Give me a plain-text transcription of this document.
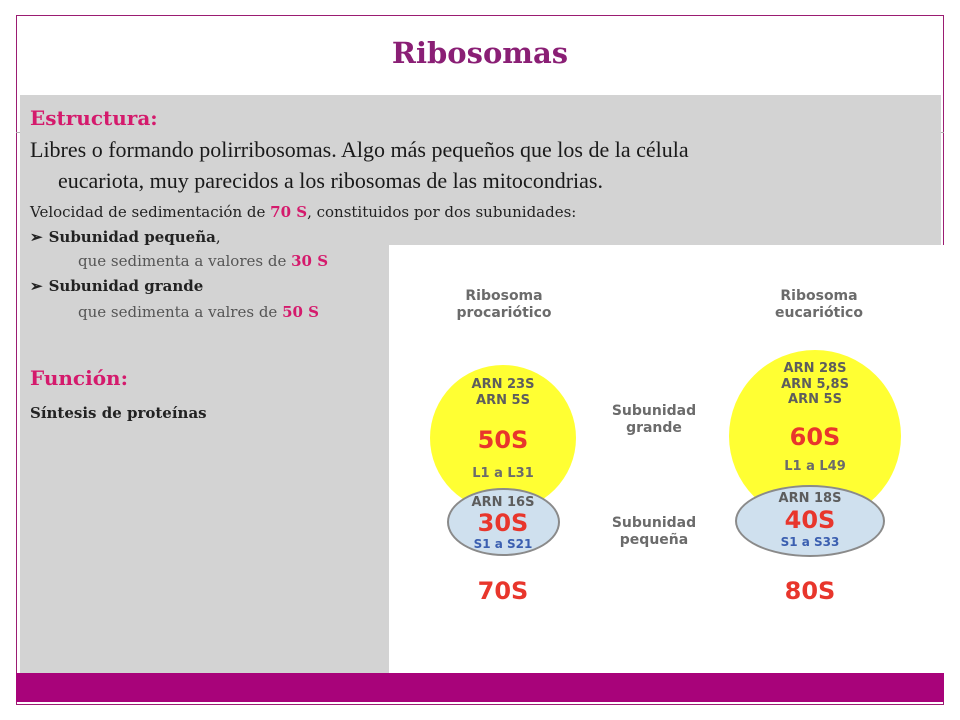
Ribosomas
Estructura:
Libres o formando polirribosomas. Algo más pequeños que los de la célula
eucariota, muy parecidos a los ribosomas de las mitocondrias.
Velocidad de sedimentación de 70 S, constituidos por dos subunidades:
➢ Subunidad pequeña,
que sedimenta a valores de 30 S
➢ Subunidad grande
que sedimenta a valres de 50 S
Función:
Síntesis de proteínas
Ribosoma
procariótico
Ribosoma
eucariótico
ARN 23S
ARN 5S
50S
L1 a L31
ARN 16S
30S
S1 a S21
ARN 28S
ARN 5,8S
ARN 5S
60S
L1 a L49
ARN 18S
40S
S1 a S33
Subunidad
grande
Subunidad
pequeña
70S	80S
